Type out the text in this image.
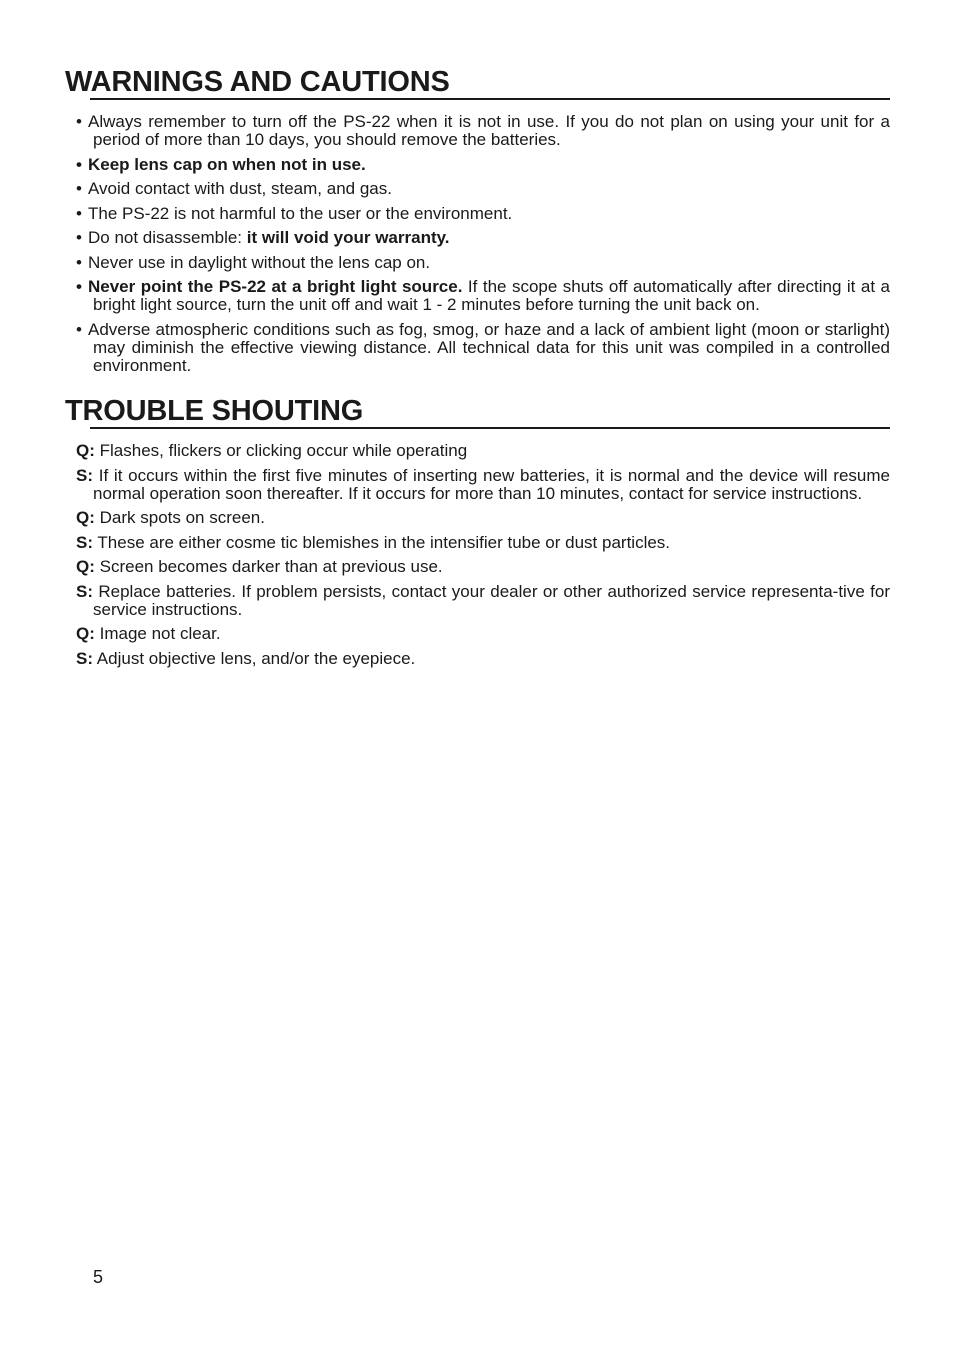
WARNINGS AND CAUTIONS
• Always remember to turn off the PS-22 when it is not in use. If you do not plan on using your unit for a period of more than 10 days, you should remove the batteries.
• Keep lens cap on when not in use.
• Avoid contact with dust, steam, and gas.
• The PS-22 is not harmful to the user or the environment.
• Do not disassemble: it will void your warranty.
• Never use in daylight without the lens cap on.
• Never point the PS-22 at a bright light source. If the scope shuts off automatically after directing it at a bright light source, turn the unit off and wait 1 - 2 minutes before turning the unit back on.
• Adverse atmospheric conditions such as fog, smog, or haze and a lack of ambient light (moon or starlight) may diminish the effective viewing distance. All technical data for this unit was compiled in a controlled environment.
TROUBLE SHOUTING
Q: Flashes, flickers or clicking occur while operating
S: If it occurs within the first five minutes of inserting new batteries, it is normal and the device will resume normal operation soon thereafter. If it occurs for more than 10 minutes, contact for service instructions.
Q: Dark spots on screen.
S: These are either cosme tic blemishes in the intensifier tube or dust particles.
Q: Screen becomes darker than at previous use.
S: Replace batteries. If problem persists, contact your dealer or other authorized service representa-tive for service instructions.
Q: Image not clear.
S: Adjust objective lens, and/or the eyepiece.
5
